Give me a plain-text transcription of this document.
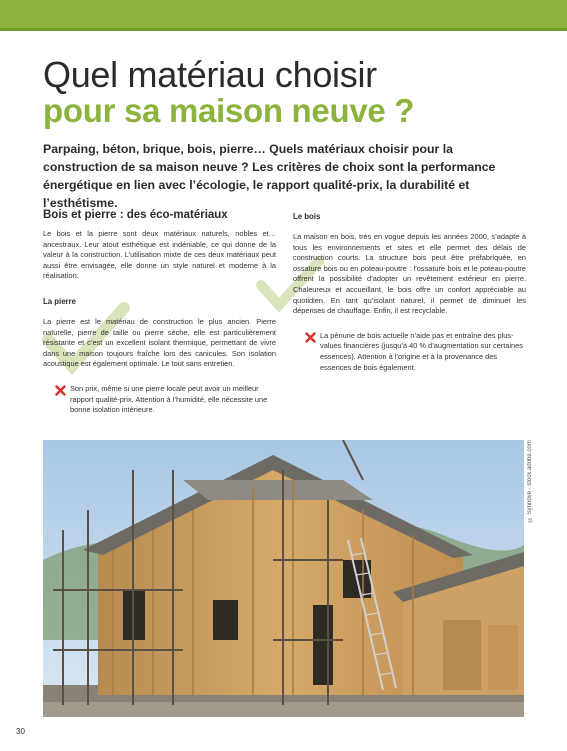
Quel matériau choisir
pour sa maison neuve ?

Parpaing, béton, brique, bois, pierre… Quels matériaux choisir pour la construction de sa maison neuve ? Les critères de choix sont la performance énergétique en lien avec l’écologie, le rapport qualité-prix, la durabilité et l’esthétisme.

Bois et pierre : des éco-matériaux

Le bois et la pierre sont deux matériaux naturels, nobles et… ancestraux. Leur atout esthétique est indéniable, ce qui donne de la valeur à la construction. L’utilisation mixte de ces deux matériaux peut aussi être envisagée, elle donne un style naturel et moderne à la réalisation.

La pierre

La pierre est le matériau de construction le plus ancien. Pierre naturelle, pierre de taille ou pierre sèche, elle est particulièrement résistante et c’est un excellent isolant thermique, permettant de vivre dans une maison toujours fraîche lors des canicules. Son isolation acoustique est également optimale. Le tout sans entretien.

Son prix, même si une pierre locale peut avoir un meilleur rapport qualité-prix. Attention à l’humidité, elle nécessite une bonne isolation intérieure.

Le bois

La maison en bois, très en vogue depuis les années 2000, s’adapte à tous les environnements et sites et elle permet des délais de construction courts. La structure bois peut être préfabriquée, en ossature bois ou en poteau-poutre : l’ossature bois et le poteau-poutre offrent la possibilité d’adopter un revêtement extérieur en pierre. Chaleureux et accueillant, le bois offre un confort appréciable au quotidien. En tant qu’isolant naturel, il permet de diminuer les dépenses de chauffage. Enfin, il est recyclable.

La pénurie de bois actuelle n’aide pas et entraîne des plus-values financières (jusqu’à 40 % d’augmentation sur certaines essences). Attention à l’origine et à la provenance des essences de bois également.

© Synnöve - stock.adobe.com
30
